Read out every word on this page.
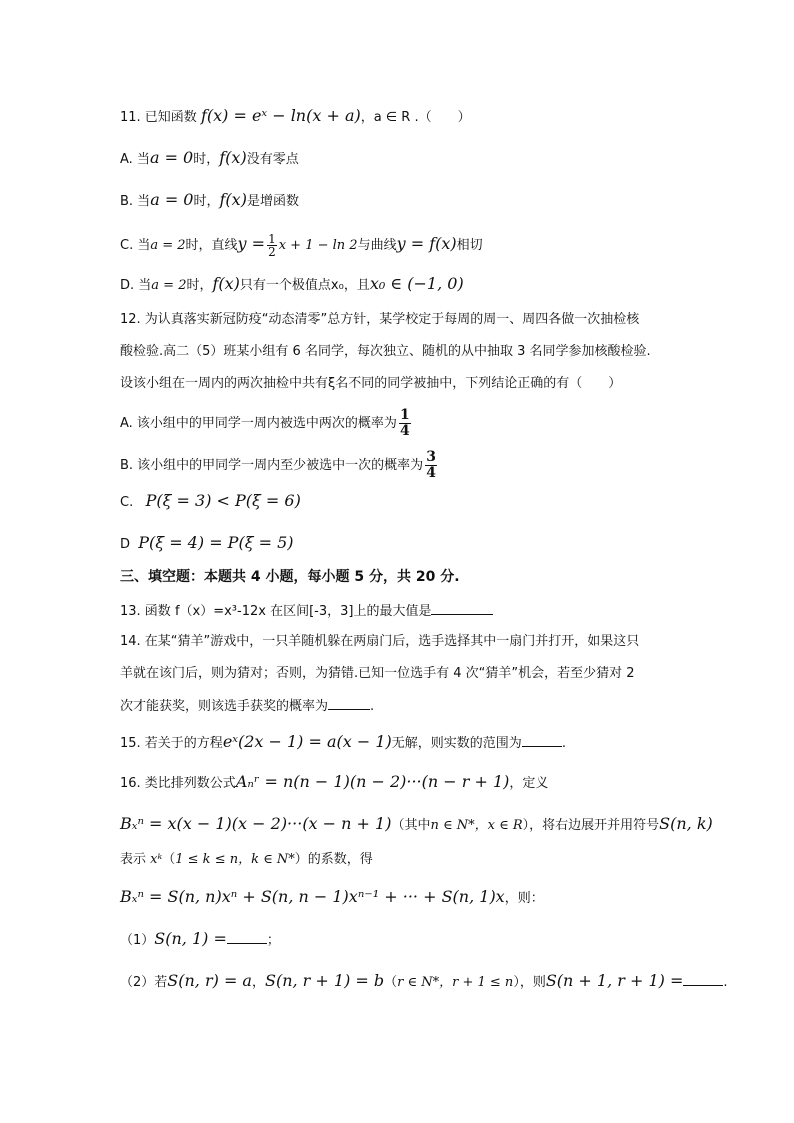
11. 已知函数 f(x) = eˣ − ln(x + a)，a ∈ R .（　　）
A. 当a = 0时，f(x)没有零点
B. 当a = 0时，f(x)是增函数
C. 当a = 2时，直线$y = \frac{1}{2}$ x + 1 − ln 2与曲线y = f(x)相切
D. 当a = 2时，f(x)只有一个极值点x₀，且x₀ ∈ (−1, 0)
12. 为认真落实新冠防疫“动态清零”总方针，某学校定于每周的周一、周四各做一次抽检核
酸检验.高二（5）班某小组有 6 名同学，每次独立、随机的从中抽取 3 名同学参加核酸检验.
设该小组在一周内的两次抽检中共有ξ名不同的同学被抽中，下列结论正确的有（　　）
A. 该小组中的甲同学一周内被选中两次的概率为 $\frac{1}{4}$
B. 该小组中的甲同学一周内至少被选中一次的概率为 $\frac{3}{4}$
C. P(ξ = 3) < P(ξ = 6)
D P(ξ = 4) = P(ξ = 5)
三、填空题：本题共 4 小题，每小题 5 分，共 20 分.
13. 函数 f（x）=x³-12x 在区间[-3，3]上的最大值是
14. 在某“猜羊”游戏中，一只羊随机躲在两扇门后，选手选择其中一扇门并打开，如果这只
羊就在该门后，则为猜对；否则，为猜错.已知一位选手有 4 次“猜羊”机会，若至少猜对 2
次才能获奖，则该选手获奖的概率为	.
15. 若关于的方程eˣ(2x − 1) = a(x − 1)无解，则实数的范围为	.
16. 类比排列数公式Aₙʳ = n(n − 1)(n − 2)···(n − r + 1)，定义
Bₓⁿ = x(x − 1)(x − 2)···(x − n + 1)（其中n ∈ N*，x ∈ R），将右边展开并用符号S(n, k)
表示 xᵏ（1 ≤ k ≤ n，k ∈ N*）的系数，得
Bₓⁿ = S(n, n)xⁿ + S(n, n − 1)xⁿ⁻¹ + ··· + S(n, 1)x，则：
（1）S(n, 1) =	；
（2）若S(n, r) = a，S(n, r + 1) = b（r ∈ N*，r + 1 ≤ n），则S(n + 1, r + 1) =	.
